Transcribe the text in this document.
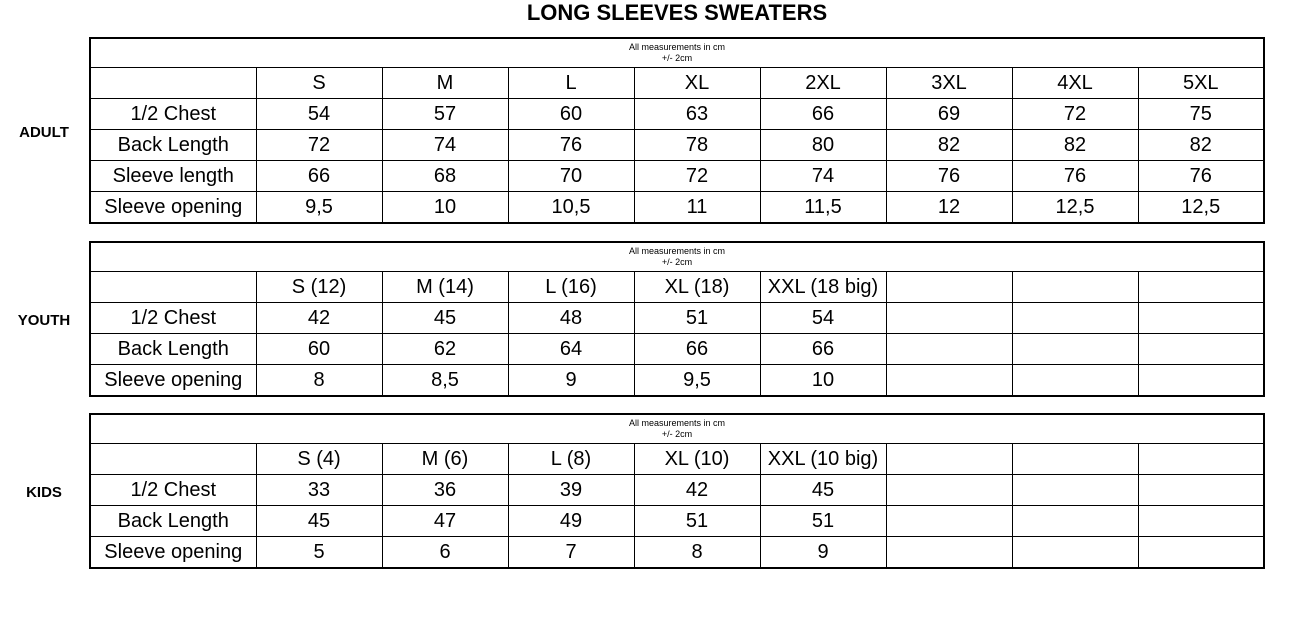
LONG SLEEVES SWEATERS
ADULT
All measurements in cm
+/- 2cm								

	S	M	L	XL	2XL	3XL	4XL	5XL
1/2 Chest	54	57	60	63	66	69	72	75
Back Length	72	74	76	78	80	82	82	82
Sleeve length	66	68	70	72	74	76	76	76
Sleeve opening	9,5	10	10,5	11	11,5	12	12,5	12,5
YOUTH
All measurements in cm
+/- 2cm								

	S (12)	M (14)	L (16)	XL (18)	XXL (18 big)			
1/2 Chest	42	45	48	51	54			
Back Length	60	62	64	66	66			
Sleeve opening	8	8,5	9	9,5	10			
KIDS
All measurements in cm
+/- 2cm								

	S (4)	M (6)	L (8)	XL (10)	XXL (10 big)			
1/2 Chest	33	36	39	42	45			
Back Length	45	47	49	51	51			
Sleeve opening	5	6	7	8	9			
